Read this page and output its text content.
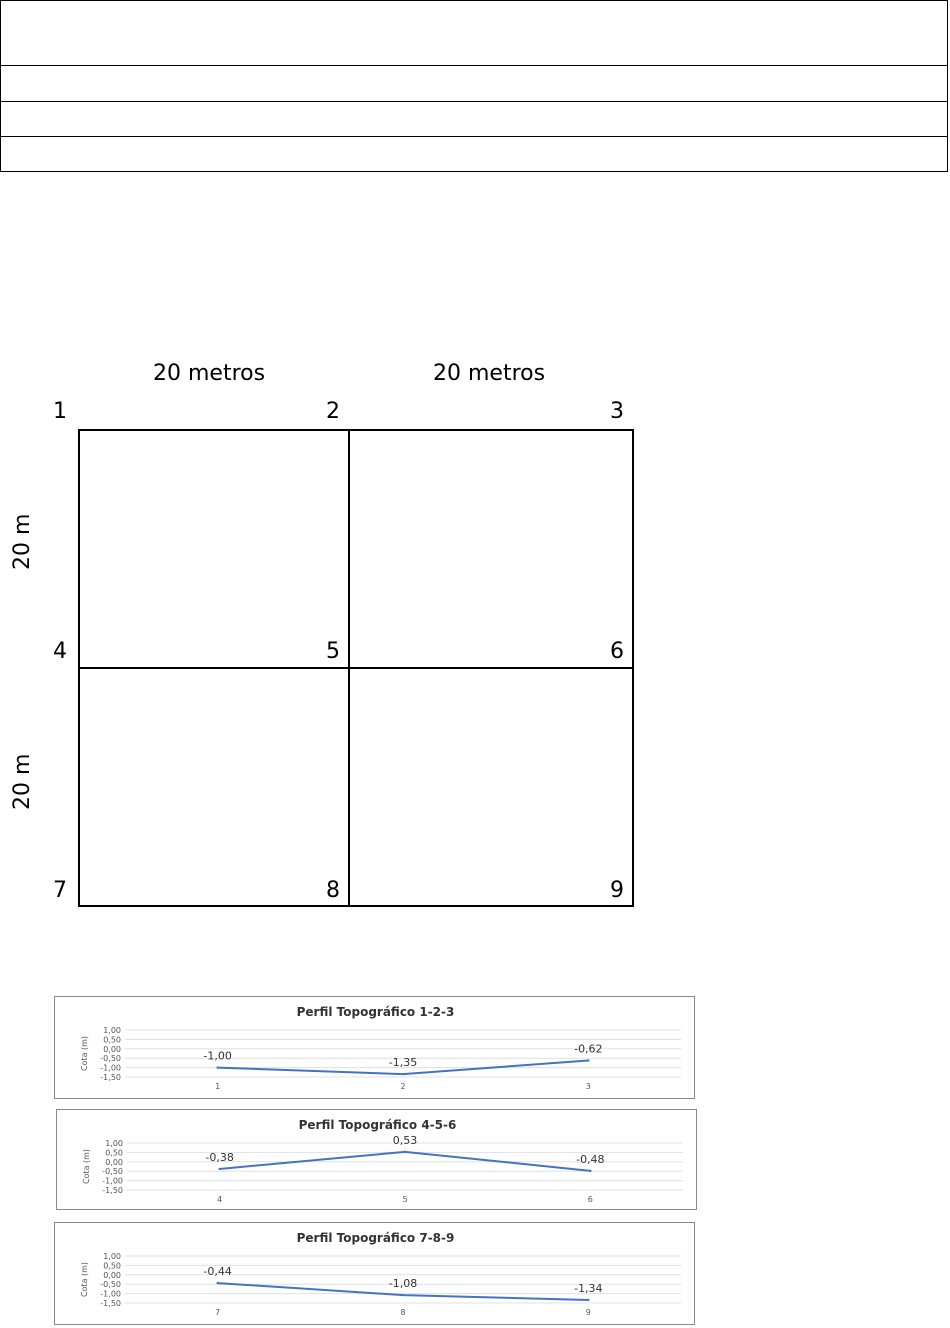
20 metros	20 metros
20 m
20 m
1	2	3
4	5	6
7	8	9
Perfil Topográfico 1-2-3
Cota (m)
1,00
0,50
0,00
-0,50
-1,00
-1,50
1	2	3
-1,00
-1,35
-0,62
Perfil Topográfico 4-5-6
Cota (m)
1,00
0,50
0,00
-0,50
-1,00
-1,50
4	5	6
-0,38
0,53
-0,48
Perfil Topográfico 7-8-9
Cota (m)
1,00
0,50
0,00
-0,50
-1,00
-1,50
7	8	9
-0,44
-1,08	-1,34
